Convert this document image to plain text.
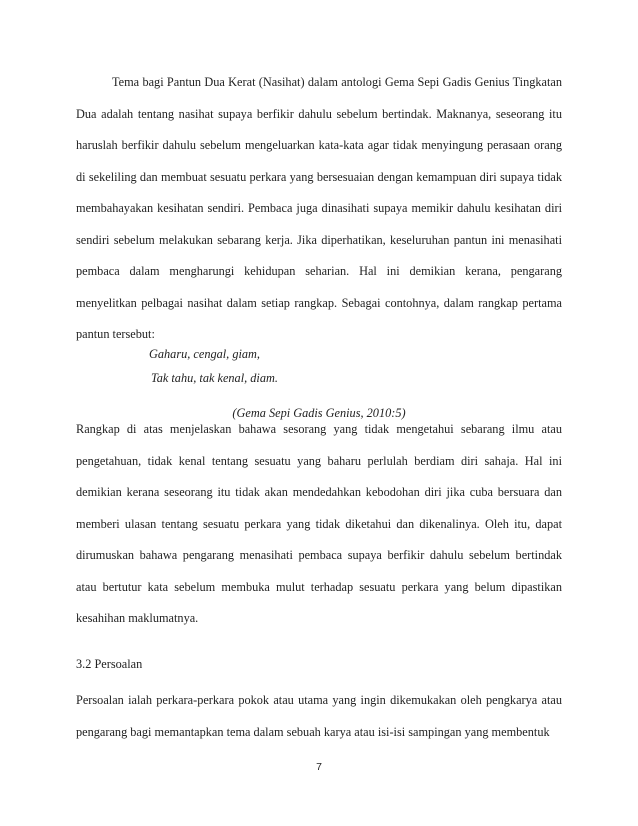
Tema bagi Pantun Dua Kerat (Nasihat) dalam antologi Gema Sepi Gadis Genius Tingkatan Dua adalah tentang nasihat supaya berfikir dahulu sebelum bertindak. Maknanya, seseorang itu haruslah berfikir dahulu sebelum mengeluarkan kata-kata agar tidak menyingung perasaan orang di sekeliling dan membuat sesuatu perkara yang bersesuaian dengan kemampuan diri supaya tidak membahayakan kesihatan sendiri. Pembaca juga dinasihati supaya memikir dahulu kesihatan diri sendiri sebelum melakukan sebarang kerja. Jika diperhatikan, keseluruhan pantun ini menasihati pembaca dalam mengharungi kehidupan seharian. Hal ini demikian kerana, pengarang menyelitkan pelbagai nasihat dalam setiap rangkap. Sebagai contohnya, dalam rangkap pertama pantun tersebut:

Gaharu, cengal, giam,
Tak tahu, tak kenal, diam.

(Gema Sepi Gadis Genius, 2010:5)

Rangkap di atas menjelaskan bahawa sesorang yang tidak mengetahui sebarang ilmu atau pengetahuan, tidak kenal tentang sesuatu yang baharu perlulah berdiam diri sahaja. Hal ini demikian kerana seseorang itu tidak akan mendedahkan kebodohan diri jika cuba bersuara dan memberi ulasan tentang sesuatu perkara yang tidak diketahui dan dikenalinya. Oleh itu, dapat dirumuskan bahawa pengarang menasihati pembaca supaya berfikir dahulu sebelum bertindak atau bertutur kata sebelum membuka mulut terhadap sesuatu perkara yang belum dipastikan kesahihan maklumatnya.

3.2 Persoalan

Persoalan ialah perkara-perkara pokok atau utama yang ingin dikemukakan oleh pengkarya atau pengarang bagi memantapkan tema dalam sebuah karya atau isi-isi sampingan yang membentuk

7
